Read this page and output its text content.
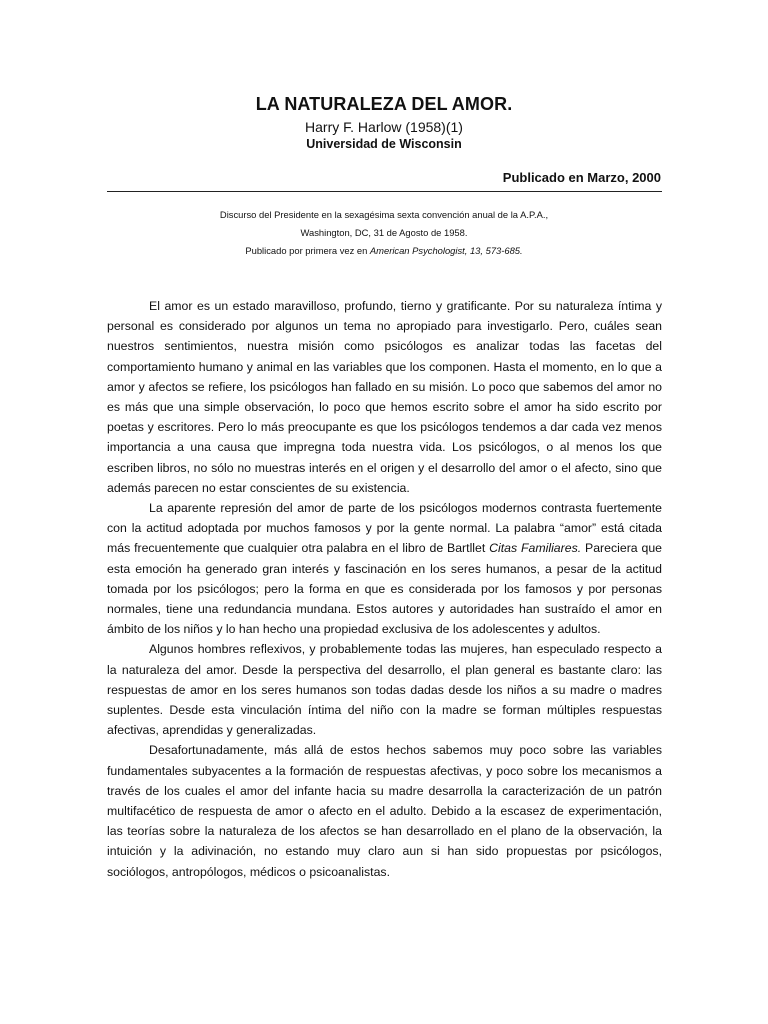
LA NATURALEZA DEL AMOR.
Harry F. Harlow (1958)(1)
Universidad de Wisconsin
Publicado en Marzo, 2000
Discurso del Presidente en la sexagésima sexta convención anual de la A.P.A.,
Washington, DC, 31 de Agosto de 1958.
Publicado por primera vez en American Psychologist, 13, 573-685.

El amor es un estado maravilloso, profundo, tierno y gratificante. Por su naturaleza íntima y personal es considerado por algunos un tema no apropiado para investigarlo. Pero, cuáles sean nuestros sentimientos, nuestra misión como psicólogos es analizar todas las facetas del comportamiento humano y animal en las variables que los componen. Hasta el momento, en lo que a amor y afectos se refiere, los psicólogos han fallado en su misión. Lo poco que sabemos del amor no es más que una simple observación, lo poco que hemos escrito sobre el amor ha sido escrito por poetas y escritores. Pero lo más preocupante es que los psicólogos tendemos a dar cada vez menos importancia a una causa que impregna toda nuestra vida. Los psicólogos, o al menos los que escriben libros, no sólo no muestras interés en el origen y el desarrollo del amor o el afecto, sino que además parecen no estar conscientes de su existencia.

La aparente represión del amor de parte de los psicólogos modernos contrasta fuertemente con la actitud adoptada por muchos famosos y por la gente normal. La palabra “amor” está citada más frecuentemente que cualquier otra palabra en el libro de Bartllet Citas Familiares. Pareciera que esta emoción ha generado gran interés y fascinación en los seres humanos, a pesar de la actitud tomada por los psicólogos; pero la forma en que es considerada por los famosos y por personas normales, tiene una redundancia mundana. Estos autores y autoridades han sustraído el amor en ámbito de los niños y lo han hecho una propiedad exclusiva de los adolescentes y adultos.

Algunos hombres reflexivos, y probablemente todas las mujeres, han especulado respecto a la naturaleza del amor. Desde la perspectiva del desarrollo, el plan general es bastante claro: las respuestas de amor en los seres humanos son todas dadas desde los niños a su madre o madres suplentes. Desde esta vinculación íntima del niño con la madre se forman múltiples respuestas afectivas, aprendidas y generalizadas.

Desafortunadamente, más allá de estos hechos sabemos muy poco sobre las variables fundamentales subyacentes a la formación de respuestas afectivas, y poco sobre los mecanismos a través de los cuales el amor del infante hacia su madre desarrolla la caracterización de un patrón multifacético de respuesta de amor o afecto en el adulto. Debido a la escasez de experimentación, las teorías sobre la naturaleza de los afectos se han desarrollado en el plano de la observación, la intuición y la adivinación, no estando muy claro aun si han sido propuestas por psicólogos, sociólogos, antropólogos, médicos o psicoanalistas.
